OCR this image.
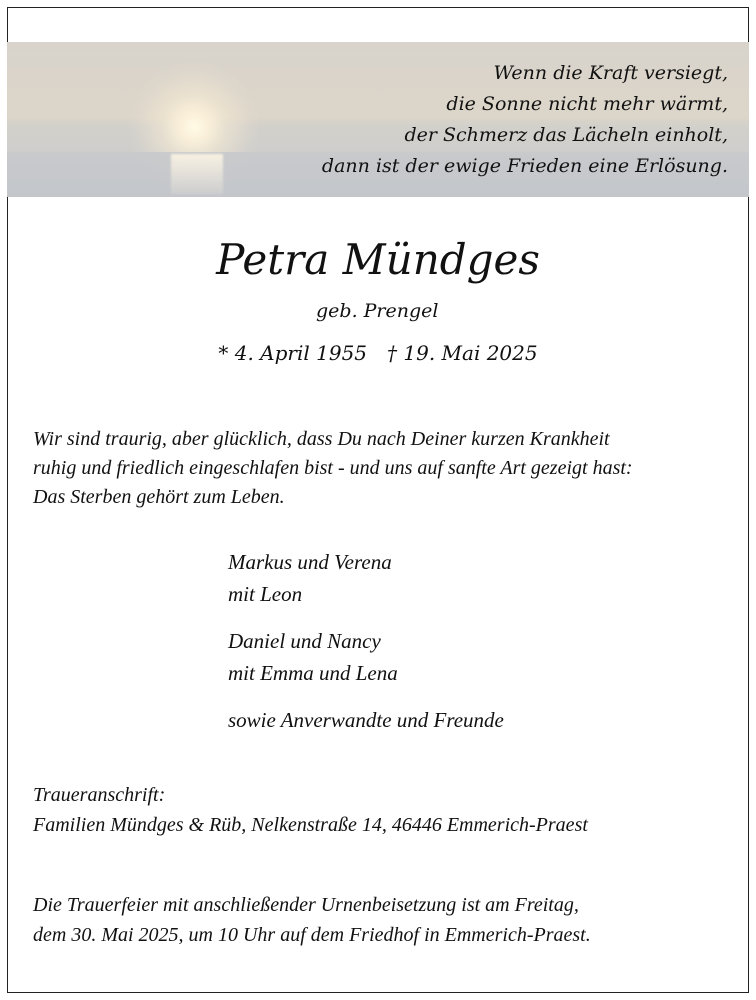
Wenn die Kraft versiegt,
die Sonne nicht mehr wärmt,
der Schmerz das Lächeln einholt,
dann ist der ewige Frieden eine Erlösung.
Petra Mündges
geb. Prengel
* 4. April 1955 † 19. Mai 2025
Wir sind traurig, aber glücklich, dass Du nach Deiner kurzen Krankheit
ruhig und friedlich eingeschlafen bist - und uns auf sanfte Art gezeigt hast:
Das Sterben gehört zum Leben.
Markus und Verena
mit Leon
Daniel und Nancy
mit Emma und Lena
sowie Anverwandte und Freunde
Traueranschrift:
Familien Mündges & Rüb, Nelkenstraße 14, 46446 Emmerich-Praest
Die Trauerfeier mit anschließender Urnenbeisetzung ist am Freitag,
dem 30. Mai 2025, um 10 Uhr auf dem Friedhof in Emmerich-Praest.
